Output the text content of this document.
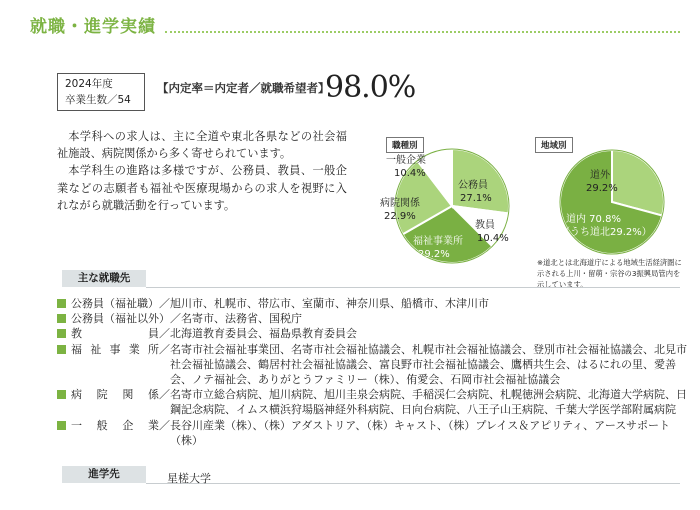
就職・進学実績
2024年度
卒業生数／54
【内定率＝内定者／就職希望者】
98.0%

本学科への求人は、主に全道や東北各県などの社会福祉施設、病院関係から多く寄せられています。

本学科生の進路は多様ですが、公務員、教員、一般企業などの志願者も福祉や医療現場からの求人を視野に入れながら就職活動を行っています。

一般企業
10.4%
公務員
27.1%
病院関係
22.9%
教員
10.4%
福祉事業所
29.2%
職種別
道外
29.2%
道内 70.8%
（うち道北29.2%）
地域別
※道北とは北海道庁による地域生活経済圏に示される上川・留萌・宗谷の3振興局管内を示しています。
主な就職先
公務員（福祉職） ／ 旭川市、札幌市、帯広市、室蘭市、神奈川県、船橋市、木津川市
公務員（福祉以外） ／ 名寄市、法務省、国税庁
教員 ／ 北海道教育委員会、福島県教育委員会
福祉事業所 ／ 名寄市社会福祉事業団、名寄市社会福祉協議会、札幌市社会福祉協議会、登別市社会福祉協議会、北見市社会福祉協議会、鶴居村社会福祉協議会、富良野市社会福祉協議会、鷹栖共生会、はるにれの里、愛善会、ノテ福祉会、ありがとうファミリー（株）、侑愛会、石岡市社会福祉協議会
病院関係 ／ 名寄市立総合病院、旭川病院、旭川圭泉会病院、手稲渓仁会病院、札幌徳洲会病院、北海道大学病院、日鋼記念病院、イムス横浜狩場脳神経外科病院、日向台病院、八王子山王病院、千葉大学医学部附属病院
一般企業 ／ 長谷川産業（株）、（株）アダストリア、（株）キャスト、（株）プレイス＆アピリティ、アースサポート（株）
進学先	星槎大学
